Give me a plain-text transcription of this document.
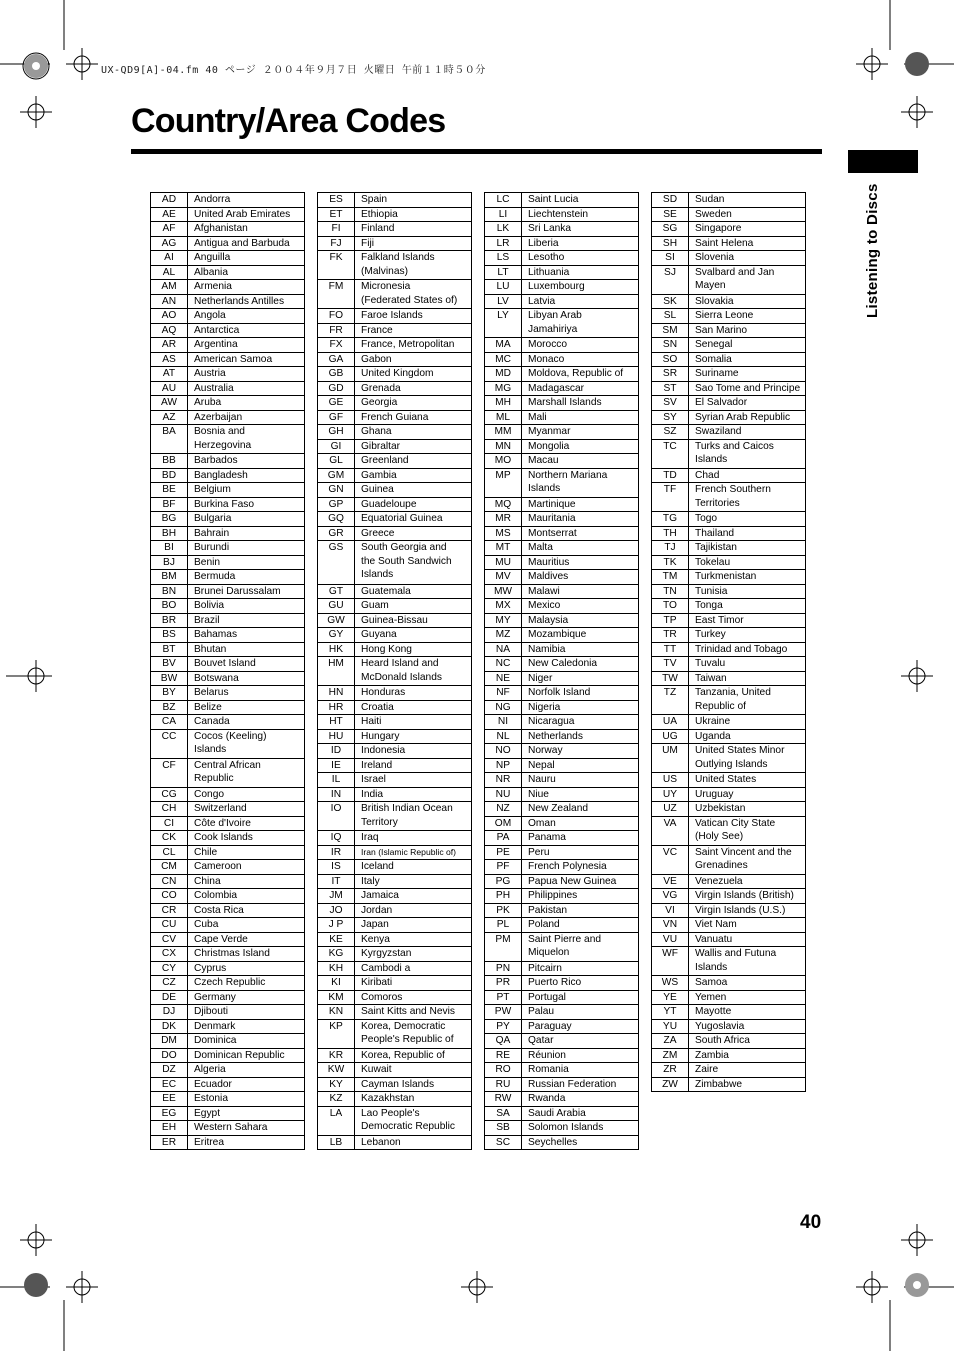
UX-QD9[A]-04.fm 40 ページ ２００４年９月７日 火曜日 午前１１時５０分
Country/Area Codes
Listening to Discs
AD	Andorra

AE	United Arab Emirates

AF	Afghanistan

AG	Antigua and Barbuda

AI	Anguilla

AL	Albania

AM	Armenia

AN	Netherlands Antilles

AO	Angola

AQ	Antarctica

AR	Argentina

AS	American Samoa

AT	Austria

AU	Australia

AW	Aruba

AZ	Azerbaijan

BA	Bosnia and
Herzegovina

BB	Barbados

BD	Bangladesh

BE	Belgium

BF	Burkina Faso

BG	Bulgaria

BH	Bahrain

BI	Burundi

BJ	Benin

BM	Bermuda

BN	Brunei Darussalam

BO	Bolivia

BR	Brazil

BS	Bahamas

BT	Bhutan

BV	Bouvet Island

BW	Botswana

BY	Belarus

BZ	Belize

CA	Canada

CC	Cocos (Keeling)
Islands

CF	Central African
Republic

CG	Congo

CH	Switzerland

CI	Côte d'Ivoire

CK	Cook Islands

CL	Chile

CM	Cameroon

CN	China

CO	Colombia

CR	Costa Rica

CU	Cuba

CV	Cape Verde

CX	Christmas Island

CY	Cyprus

CZ	Czech Republic

DE	Germany

DJ	Djibouti

DK	Denmark

DM	Dominica

DO	Dominican Republic

DZ	Algeria

EC	Ecuador

EE	Estonia

EG	Egypt

EH	Western Sahara

ER	Eritrea
ES	Spain

ET	Ethiopia

FI	Finland

FJ	Fiji

FK	Falkland Islands
(Malvinas)

FM	Micronesia
(Federated States of)

FO	Faroe Islands

FR	France

FX	France, Metropolitan

GA	Gabon

GB	United Kingdom

GD	Grenada

GE	Georgia

GF	French Guiana

GH	Ghana

GI	Gibraltar

GL	Greenland

GM	Gambia

GN	Guinea

GP	Guadeloupe

GQ	Equatorial Guinea

GR	Greece

GS	South Georgia and
the South Sandwich
Islands

GT	Guatemala

GU	Guam

GW	Guinea-Bissau

GY	Guyana

HK	Hong Kong

HM	Heard Island and
McDonald Islands

HN	Honduras

HR	Croatia

HT	Haiti

HU	Hungary

ID	Indonesia

IE	Ireland

IL	Israel

IN	India

IO	British Indian Ocean
Territory

IQ	Iraq

IR	Iran (Islamic Republic of)

IS	Iceland

IT	Italy

JM	Jamaica

JO	Jordan

J P	Japan

KE	Kenya

KG	Kyrgyzstan

KH	Cambodi a

KI	Kiribati

KM	Comoros

KN	Saint Kitts and Nevis

KP	Korea, Democratic
People's Republic of

KR	Korea, Republic of

KW	Kuwait

KY	Cayman Islands

KZ	Kazakhstan

LA	Lao People's
Democratic Republic

LB	Lebanon
LC	Saint Lucia

LI	Liechtenstein

LK	Sri Lanka

LR	Liberia

LS	Lesotho

LT	Lithuania

LU	Luxembourg

LV	Latvia

LY	Libyan Arab
Jamahiriya

MA	Morocco

MC	Monaco

MD	Moldova, Republic of

MG	Madagascar

MH	Marshall Islands

ML	Mali

MM	Myanmar

MN	Mongolia

MO	Macau

MP	Northern Mariana
Islands

MQ	Martinique

MR	Mauritania

MS	Montserrat

MT	Malta

MU	Mauritius

MV	Maldives

MW	Malawi

MX	Mexico

MY	Malaysia

MZ	Mozambique

NA	Namibia

NC	New Caledonia

NE	Niger

NF	Norfolk Island

NG	Nigeria

NI	Nicaragua

NL	Netherlands

NO	Norway

NP	Nepal

NR	Nauru

NU	Niue

NZ	New Zealand

OM	Oman

PA	Panama

PE	Peru

PF	French Polynesia

PG	Papua New Guinea

PH	Philippines

PK	Pakistan

PL	Poland

PM	Saint Pierre and
Miquelon

PN	Pitcairn

PR	Puerto Rico

PT	Portugal

PW	Palau

PY	Paraguay

QA	Qatar

RE	Réunion

RO	Romania

RU	Russian Federation

RW	Rwanda

SA	Saudi Arabia

SB	Solomon Islands

SC	Seychelles
SD	Sudan

SE	Sweden

SG	Singapore

SH	Saint Helena

SI	Slovenia

SJ	Svalbard and Jan
Mayen

SK	Slovakia

SL	Sierra Leone

SM	San Marino

SN	Senegal

SO	Somalia

SR	Suriname

ST	Sao Tome and Principe

SV	El Salvador

SY	Syrian Arab Republic

SZ	Swaziland

TC	Turks and Caicos
Islands

TD	Chad

TF	French Southern
Territories

TG	Togo

TH	Thailand

TJ	Tajikistan

TK	Tokelau

TM	Turkmenistan

TN	Tunisia

TO	Tonga

TP	East Timor

TR	Turkey

TT	Trinidad and Tobago

TV	Tuvalu

TW	Taiwan

TZ	Tanzania, United
Republic of

UA	Ukraine

UG	Uganda

UM	United States Minor
Outlying Islands

US	United States

UY	Uruguay

UZ	Uzbekistan

VA	Vatican City State
(Holy See)

VC	Saint Vincent and the
Grenadines

VE	Venezuela

VG	Virgin Islands (British)

VI	Virgin Islands (U.S.)

VN	Viet Nam

VU	Vanuatu

WF	Wallis and Futuna
Islands

WS	Samoa

YE	Yemen

YT	Mayotte

YU	Yugoslavia

ZA	South Africa

ZM	Zambia

ZR	Zaire

ZW	Zimbabwe
40
